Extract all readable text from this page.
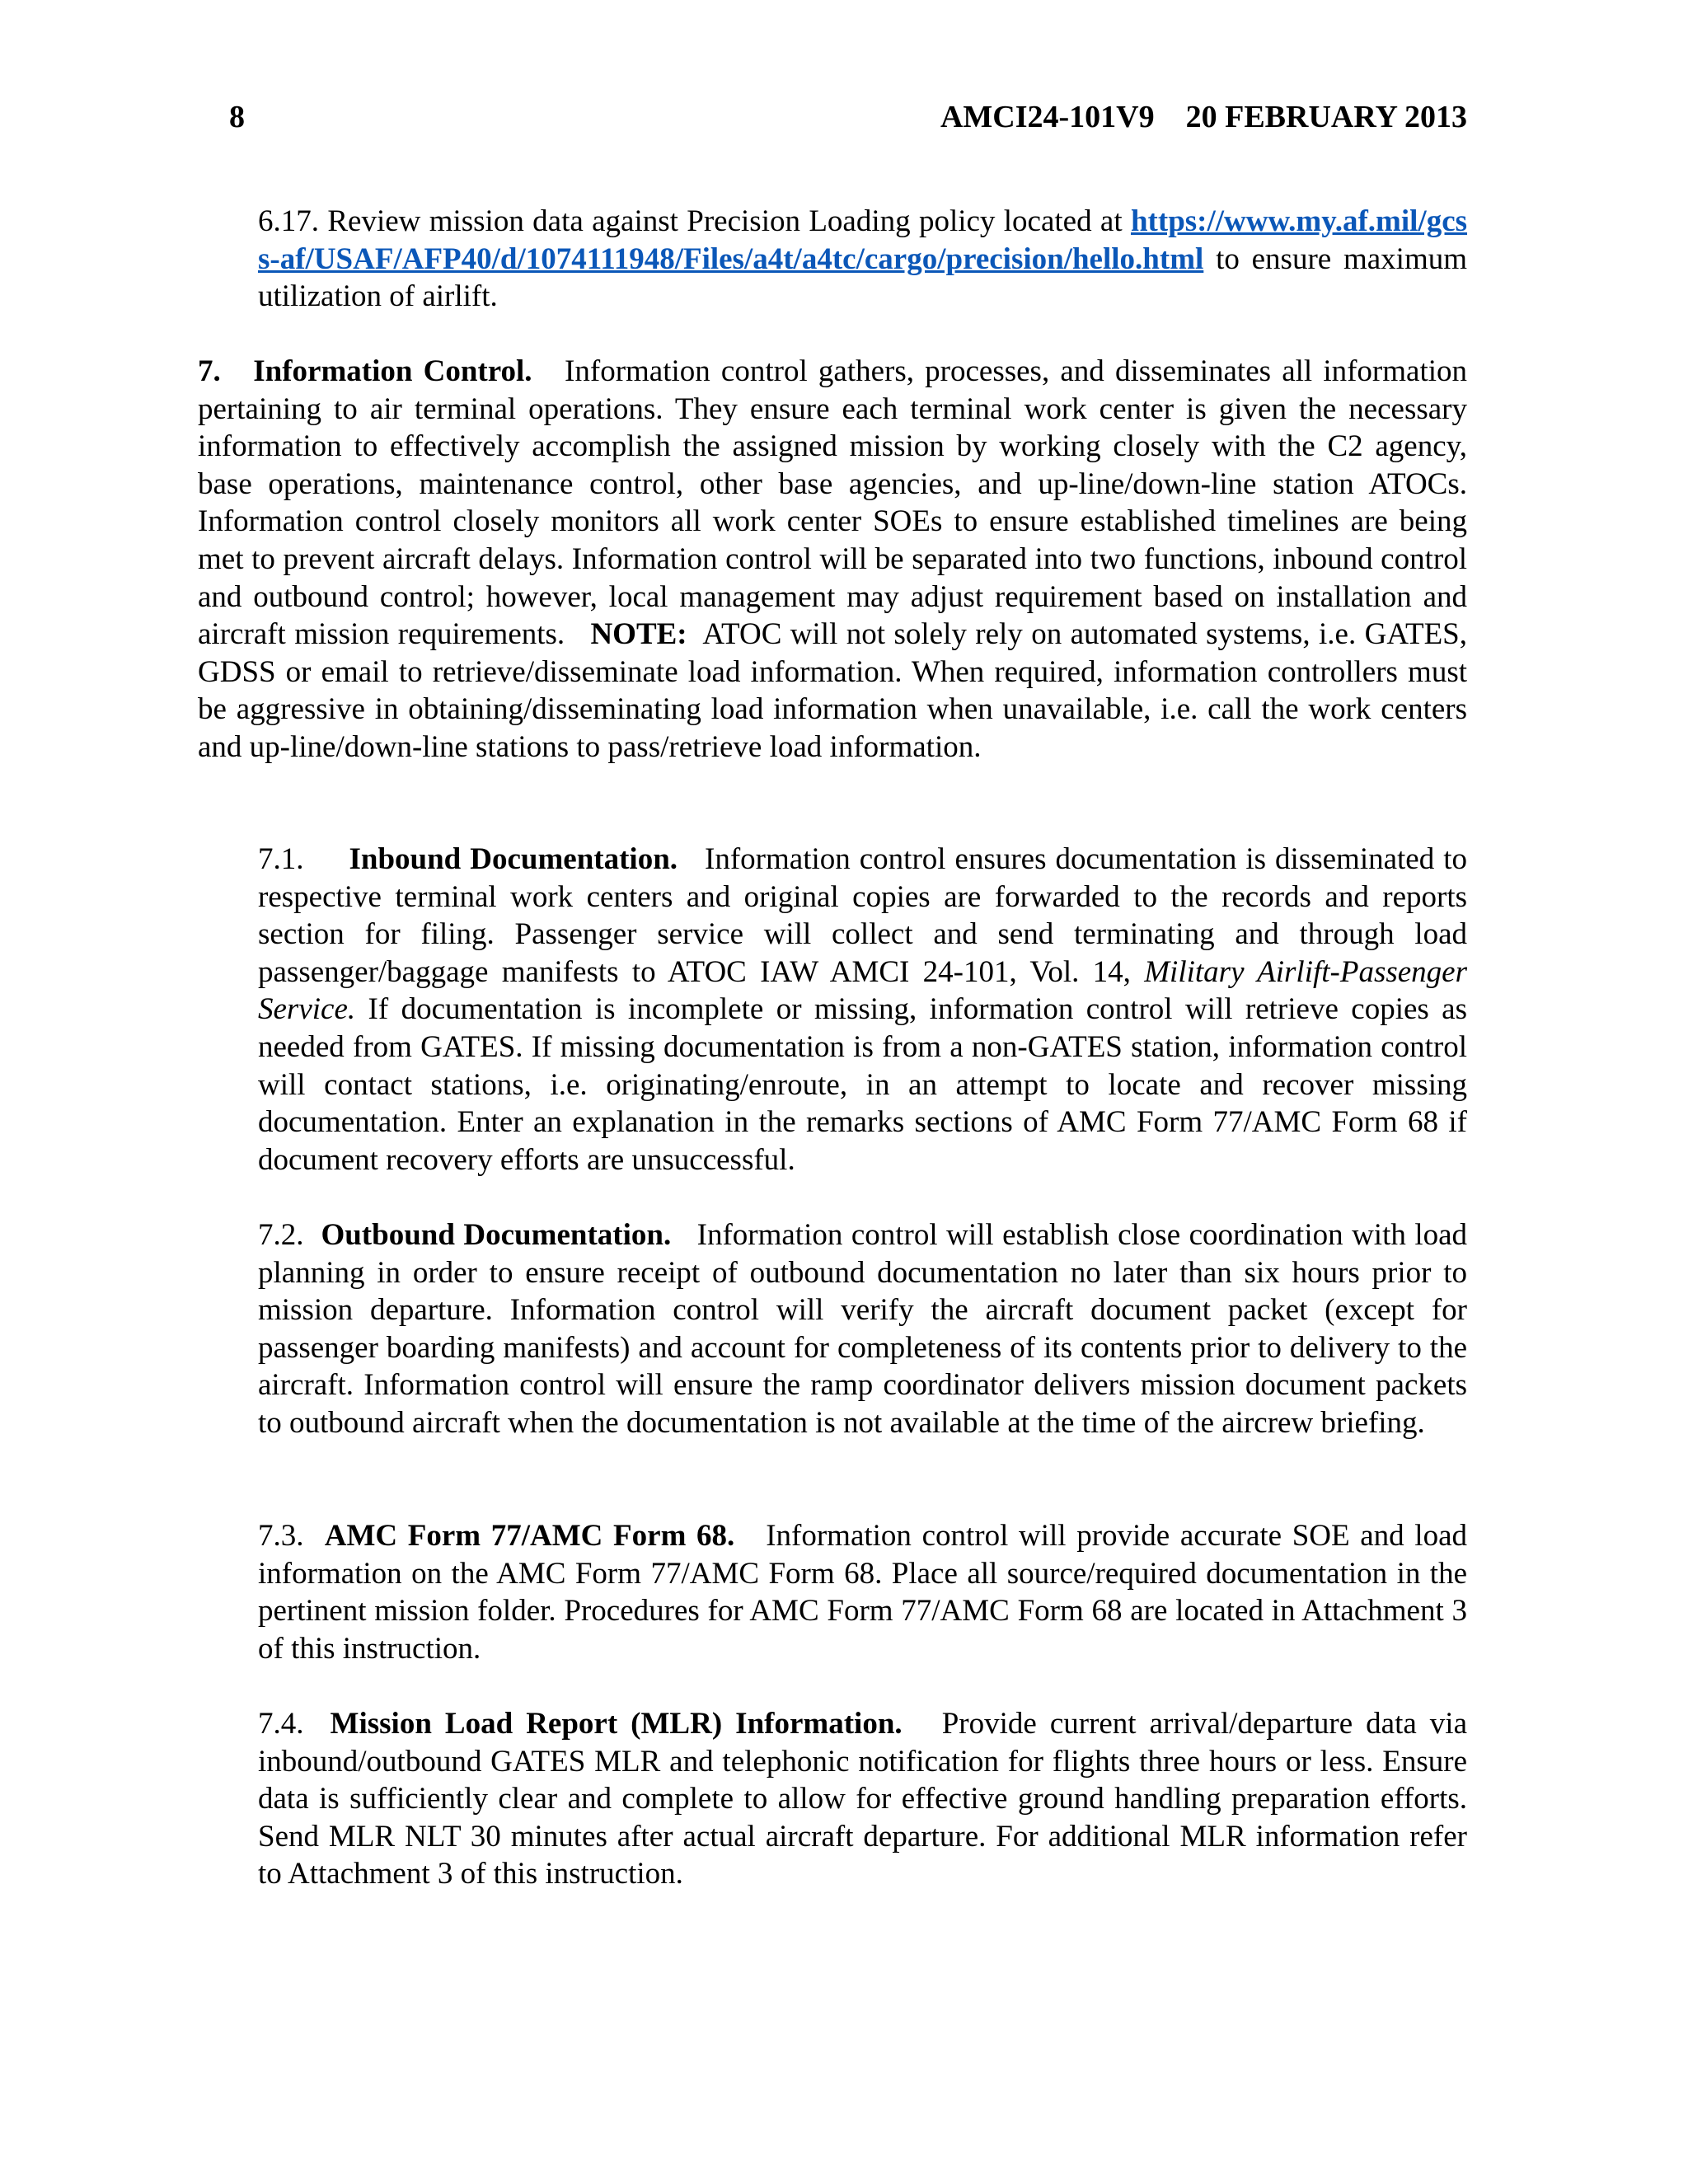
8	AMCI24-101V9 20 FEBRUARY 2013

6.17. Review mission data against Precision Loading policy located at https://www.my.af.mil/gcss-af/USAF/AFP40/d/1074111948/Files/a4t/a4tc/cargo/precision/hello.html to ensure maximum utilization of airlift.

7. Information Control. Information control gathers, processes, and disseminates all information pertaining to air terminal operations. They ensure each terminal work center is given the necessary information to effectively accomplish the assigned mission by working closely with the C2 agency, base operations, maintenance control, other base agencies, and up-line/down-line station ATOCs. Information control closely monitors all work center SOEs to ensure established timelines are being met to prevent aircraft delays. Information control will be separated into two functions, inbound control and outbound control; however, local management may adjust requirement based on installation and aircraft mission requirements. NOTE: ATOC will not solely rely on automated systems, i.e. GATES, GDSS or email to retrieve/disseminate load information. When required, information controllers must be aggressive in obtaining/disseminating load information when unavailable, i.e. call the work centers and up-line/down-line stations to pass/retrieve load information.

7.1. Inbound Documentation. Information control ensures documentation is disseminated to respective terminal work centers and original copies are forwarded to the records and reports section for filing. Passenger service will collect and send terminating and through load passenger/baggage manifests to ATOC IAW AMCI 24-101, Vol. 14, Military Airlift-Passenger Service. If documentation is incomplete or missing, information control will retrieve copies as needed from GATES. If missing documentation is from a non-GATES station, information control will contact stations, i.e. originating/enroute, in an attempt to locate and recover missing documentation. Enter an explanation in the remarks sections of AMC Form 77/AMC Form 68 if document recovery efforts are unsuccessful.

7.2. Outbound Documentation. Information control will establish close coordination with load planning in order to ensure receipt of outbound documentation no later than six hours prior to mission departure. Information control will verify the aircraft document packet (except for passenger boarding manifests) and account for completeness of its contents prior to delivery to the aircraft. Information control will ensure the ramp coordinator delivers mission document packets to outbound aircraft when the documentation is not available at the time of the aircrew briefing.

7.3. AMC Form 77/AMC Form 68. Information control will provide accurate SOE and load information on the AMC Form 77/AMC Form 68. Place all source/required documentation in the pertinent mission folder. Procedures for AMC Form 77/AMC Form 68 are located in Attachment 3 of this instruction.

7.4. Mission Load Report (MLR) Information. Provide current arrival/departure data via inbound/outbound GATES MLR and telephonic notification for flights three hours or less. Ensure data is sufficiently clear and complete to allow for effective ground handling preparation efforts. Send MLR NLT 30 minutes after actual aircraft departure. For additional MLR information refer to Attachment 3 of this instruction.
